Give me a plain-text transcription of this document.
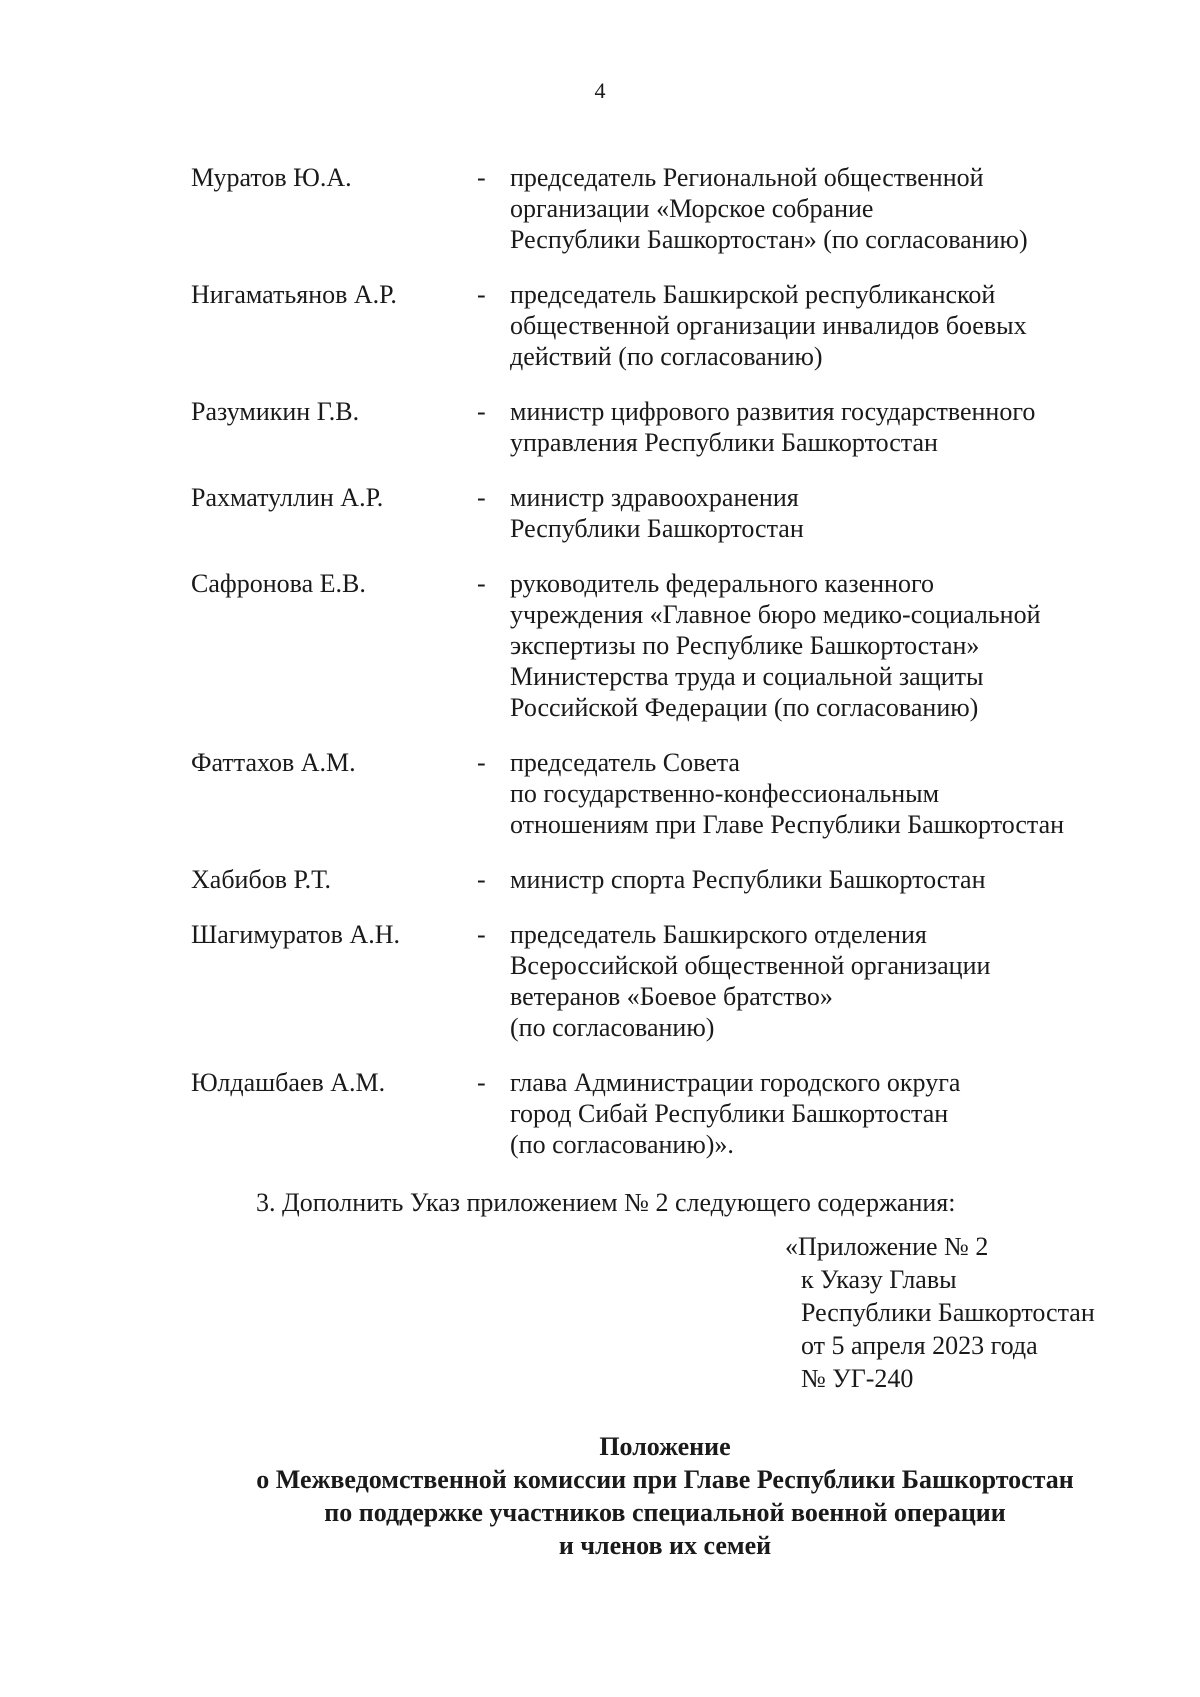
4
Муратов Ю.А.	- председатель Региональной общественной
организации «Морское собрание
Республики Башкортостан» (по согласованию)
Нигаматьянов А.Р.	- председатель Башкирской республиканской
общественной организации инвалидов боевых
действий (по согласованию)
Разумикин Г.В.	- министр цифрового развития государственного
управления Республики Башкортостан
Рахматуллин А.Р.	- министр здравоохранения
Республики Башкортостан
Сафронова Е.В.	- руководитель федерального казенного
учреждения «Главное бюро медико-социальной
экспертизы по Республике Башкортостан»
Министерства труда и социальной защиты
Российской Федерации (по согласованию)
Фаттахов А.М.	- председатель Совета
по государственно-конфессиональным
отношениям при Главе Республики Башкортостан
Хабибов Р.Т.	- министр спорта Республики Башкортостан
Шагимуратов А.Н.	- председатель Башкирского отделения
Всероссийской общественной организации
ветеранов «Боевое братство»
(по согласованию)
Юлдашбаев А.М.	- глава Администрации городского округа
город Сибай Республики Башкортостан
(по согласованию)».
3. Дополнить Указ приложением № 2 следующего содержания:
«Приложение № 2
к Указу Главы
Республики Башкортостан
от 5 апреля 2023 года
№ УГ-240
Положение
о Межведомственной комиссии при Главе Республики Башкортостан
по поддержке участников специальной военной операции
и членов их семей
